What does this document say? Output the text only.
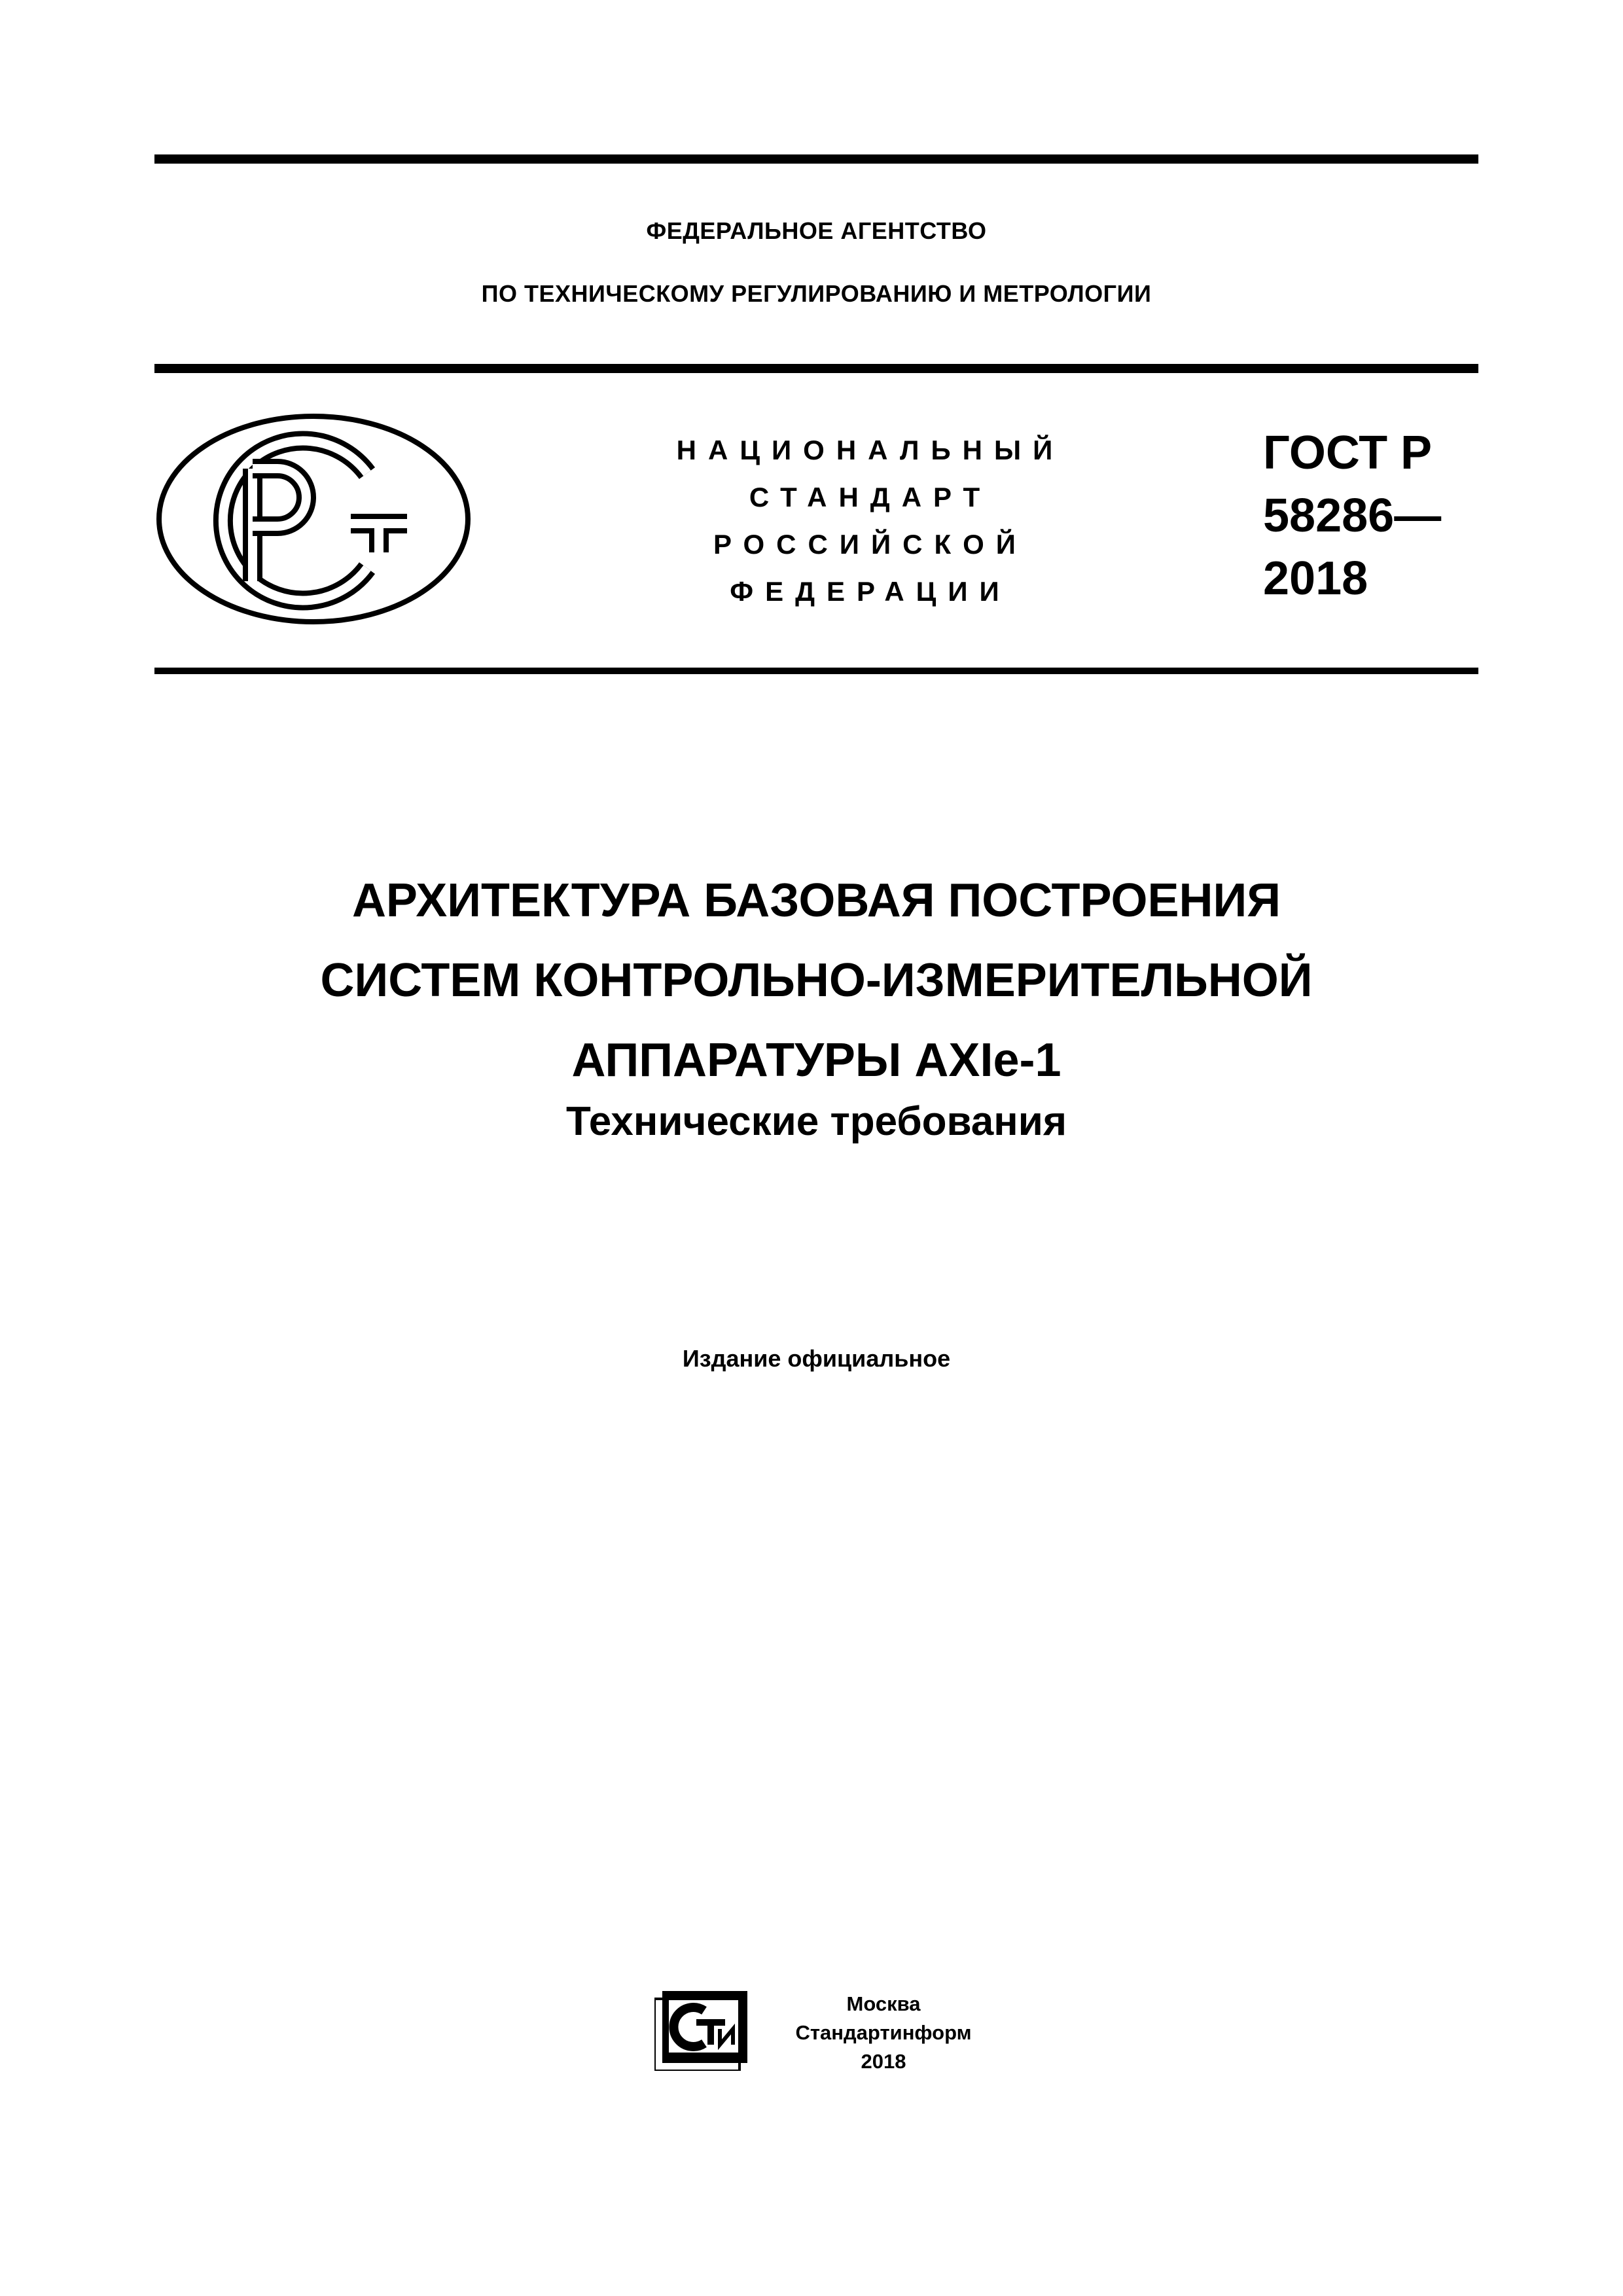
ФЕДЕРАЛЬНОЕ АГЕНТСТВО
ПО ТЕХНИЧЕСКОМУ РЕГУЛИРОВАНИЮ И МЕТРОЛОГИИ
НАЦИОНАЛЬНЫЙ
СТАНДАРТ
РОССИЙСКОЙ
ФЕДЕРАЦИИ
ГОСТ Р
58286—
2018
АРХИТЕКТУРА БАЗОВАЯ ПОСТРОЕНИЯ
СИСТЕМ КОНТРОЛЬНО-ИЗМЕРИТЕЛЬНОЙ
АППАРАТУРЫ AXIe-1
Технические требования
Издание официальное
Москва
Стандартинформ
2018
